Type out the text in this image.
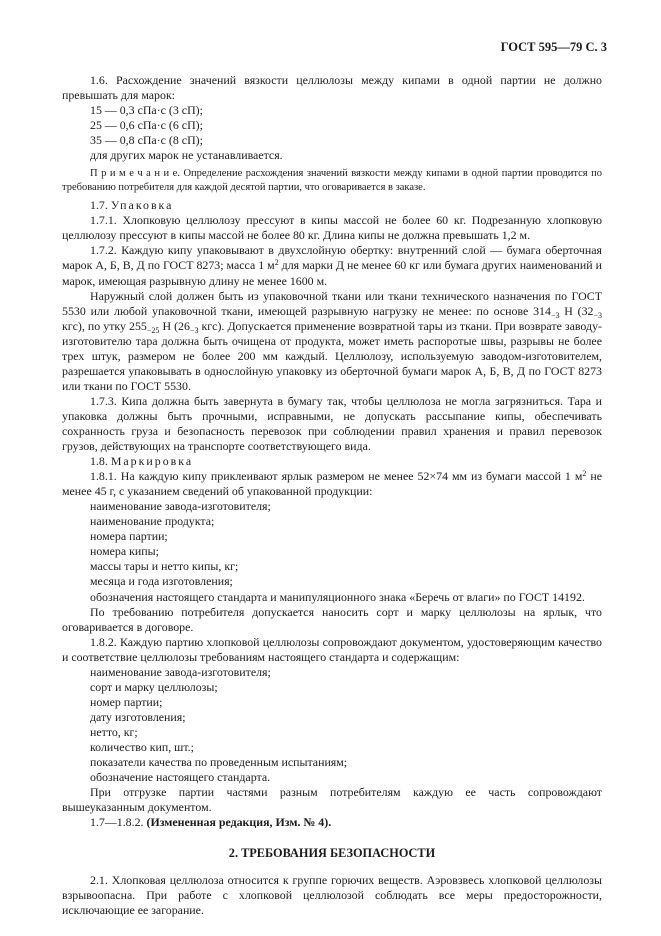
ГОСТ 595—79 С. 3

1.6. Расхождение значений вязкости целлюлозы между кипами в одной партии не должно превышать для марок:

15 — 0,3 сПа·с (3 сП);

25 — 0,6 сПа·с (6 сП);

35 — 0,8 сПа·с (8 сП);

для других марок не устанавливается.

П р и м е ч а н и е. Определение расхождения значений вязкости между кипами в одной партии проводится по требованию потребителя для каждой десятой партии, что оговаривается в заказе.

1.7. Упаковка

1.7.1. Хлопковую целлюлозу прессуют в кипы массой не более 60 кг. Подрезанную хлопковую целлюлозу прессуют в кипы массой не более 80 кг. Длина кипы не должна превышать 1,2 м.

1.7.2. Каждую кипу упаковывают в двухслойную обертку: внутренний слой — бумага оберточная марок А, Б, В, Д по ГОСТ 8273; масса 1 $м^2$ для марки Д не менее 60 кг или бумага других наименований и марок, имеющая разрывную длину не менее 1600 м.

Наружный слой должен быть из упаковочной ткани или ткани технического назначения по ГОСТ 5530 или любой упаковочной ткани, имеющей разрывную нагрузку не менее: по основе $314_{-3}$ Н ($32_{-3}$ кгс), по утку $255_{-25}$ Н ($26_{-3}$ кгс). Допускается применение возвратной тары из ткани. При возврате заводу-изготовителю тара должна быть очищена от продукта, может иметь распоротые швы, разрывы не более трех штук, размером не более 200 мм каждый. Целлюлозу, используемую заводом-изготовителем, разрешается упаковывать в однослойную упаковку из оберточной бумаги марок А, Б, В, Д по ГОСТ 8273 или ткани по ГОСТ 5530.

1.7.3. Кипа должна быть завернута в бумагу так, чтобы целлюлоза не могла загрязниться. Тара и упаковка должны быть прочными, исправными, не допускать рассыпание кипы, обеспечивать сохранность груза и безопасность перевозок при соблюдении правил хранения и правил перевозок грузов, действующих на транспорте соответствующего вида.

1.8. Маркировка

1.8.1. На каждую кипу приклеивают ярлык размером не менее 52×74 мм из бумаги массой 1 $м^2$ не менее 45 г, с указанием сведений об упакованной продукции:

наименование завода-изготовителя;

наименование продукта;

номера партии;

номера кипы;

массы тары и нетто кипы, кг;

месяца и года изготовления;

обозначения настоящего стандарта и манипуляционного знака «Беречь от влаги» по ГОСТ 14192.

По требованию потребителя допускается наносить сорт и марку целлюлозы на ярлык, что оговаривается в договоре.

1.8.2. Каждую партию хлопковой целлюлозы сопровождают документом, удостоверяющим качество и соответствие целлюлозы требованиям настоящего стандарта и содержащим:

наименование завода-изготовителя;

сорт и марку целлюлозы;

номер партии;

дату изготовления;

нетто, кг;

количество кип, шт.;

показатели качества по проведенным испытаниям;

обозначение настоящего стандарта.

При отгрузке партии частями разным потребителям каждую ее часть сопровождают вышеуказанным документом.

1.7—1.8.2. (Измененная редакция, Изм. № 4).

2. ТРЕБОВАНИЯ БЕЗОПАСНОСТИ

2.1. Хлопковая целлюлоза относится к группе горючих веществ. Аэровзвесь хлопковой целлюлозы взрывоопасна. При работе с хлопковой целлюлозой соблюдать все меры предосторожности, исключающие ее загорание.
